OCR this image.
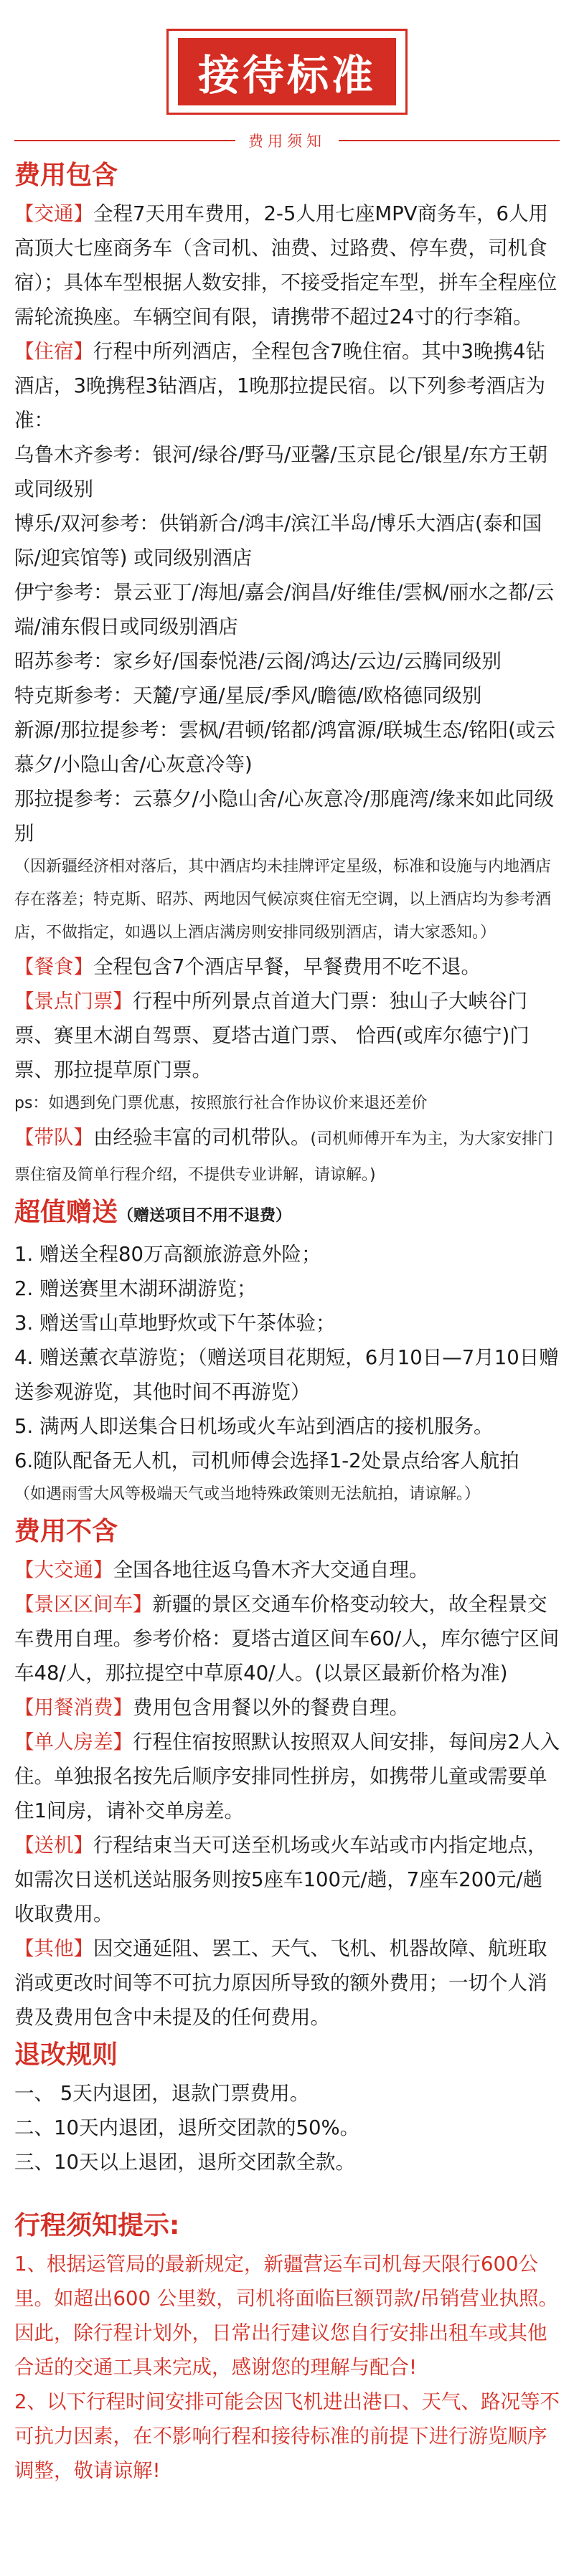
接待标准
费用须知
费用包含

【交通】全程7天用车费用，2-5人用七座MPV商务车，6人用高顶大七座商务车（含司机、油费、过路费、停车费，司机食宿）；具体车型根据人数安排，不接受指定车型，拼车全程座位需轮流换座。车辆空间有限，请携带不超过24寸的行李箱。

【住宿】行程中所列酒店，全程包含7晚住宿。其中3晚携4钻酒店，3晚携程3钻酒店，1晚那拉提民宿。以下列参考酒店为准：

乌鲁木齐参考：银河/绿谷/野马/亚馨/玉京昆仑/银星/东方王朝或同级别

博乐/双河参考：供销新合/鸿丰/滨江半岛/博乐大酒店(泰和国际/迎宾馆等) 或同级别酒店

伊宁参考：景云亚丁/海旭/嘉会/润昌/好维佳/雲枫/丽水之都/云端/浦东假日或同级别酒店

昭苏参考：家乡好/国泰悦港/云阁/鸿达/云边/云腾同级别

特克斯参考：天麓/亨通/星辰/季风/瞻德/欧格德同级别

新源/那拉提参考：雲枫/君顿/铭都/鸿富源/联城生态/铭阳(或云慕夕/小隐山舍/心灰意冷等)

那拉提参考：云慕夕/小隐山舍/心灰意冷/那鹿湾/缘来如此同级别

（因新疆经济相对落后，其中酒店均未挂牌评定星级，标准和设施与内地酒店存在落差；特克斯、昭苏、两地因气候凉爽住宿无空调，以上酒店均为参考酒店，不做指定，如遇以上酒店满房则安排同级别酒店，请大家悉知。）

【餐食】全程包含7个酒店早餐，早餐费用不吃不退。

【景点门票】行程中所列景点首道大门票：独山子大峡谷门票、赛里木湖自驾票、夏塔古道门票、 恰西(或库尔德宁)门票、那拉提草原门票。

ps：如遇到免门票优惠，按照旅行社合作协议价来退还差价

【带队】由经验丰富的司机带队。(司机师傅开车为主，为大家安排门票住宿及简单行程介绍，不提供专业讲解，请谅解。)

超值赠送（赠送项目不用不退费）

1. 赠送全程80万高额旅游意外险；

2. 赠送赛里木湖环湖游览；

3. 赠送雪山草地野炊或下午茶体验；

4. 赠送薰衣草游览；（赠送项目花期短，6月10日—7月10日赠送参观游览，其他时间不再游览）

5. 满两人即送集合日机场或火车站到酒店的接机服务。

6.随队配备无人机，司机师傅会选择1-2处景点给客人航拍

（如遇雨雪大风等极端天气或当地特殊政策则无法航拍，请谅解。）

费用不含

【大交通】全国各地往返乌鲁木齐大交通自理。

【景区区间车】新疆的景区交通车价格变动较大，故全程景交车费用自理。参考价格：夏塔古道区间车60/人，库尔德宁区间车48/人，那拉提空中草原40/人。(以景区最新价格为准)

【用餐消费】费用包含用餐以外的餐费自理。

【单人房差】行程住宿按照默认按照双人间安排，每间房2人入住。单独报名按先后顺序安排同性拼房，如携带儿童或需要单住1间房，请补交单房差。

【送机】行程结束当天可送至机场或火车站或市内指定地点，如需次日送机送站服务则按5座车100元/趟，7座车200元/趟收取费用。

【其他】因交通延阻、罢工、天气、飞机、机器故障、航班取消或更改时间等不可抗力原因所导致的额外费用；一切个人消费及费用包含中未提及的任何费用。

退改规则

一、 5天内退团，退款门票费用。

二、10天内退团，退所交团款的50%。

三、10天以上退团，退所交团款全款。

行程须知提示:

1、根据运管局的最新规定，新疆营运车司机每天限行600公里。如超出600 公里数，司机将面临巨额罚款/吊销营业执照。因此，除行程计划外，日常出行建议您自行安排出租车或其他合适的交通工具来完成，感谢您的理解与配合!

2、以下行程时间安排可能会因飞机进出港口、天气、路况等不可抗力因素，在不影响行程和接待标准的前提下进行游览顺序调整，敬请谅解!
